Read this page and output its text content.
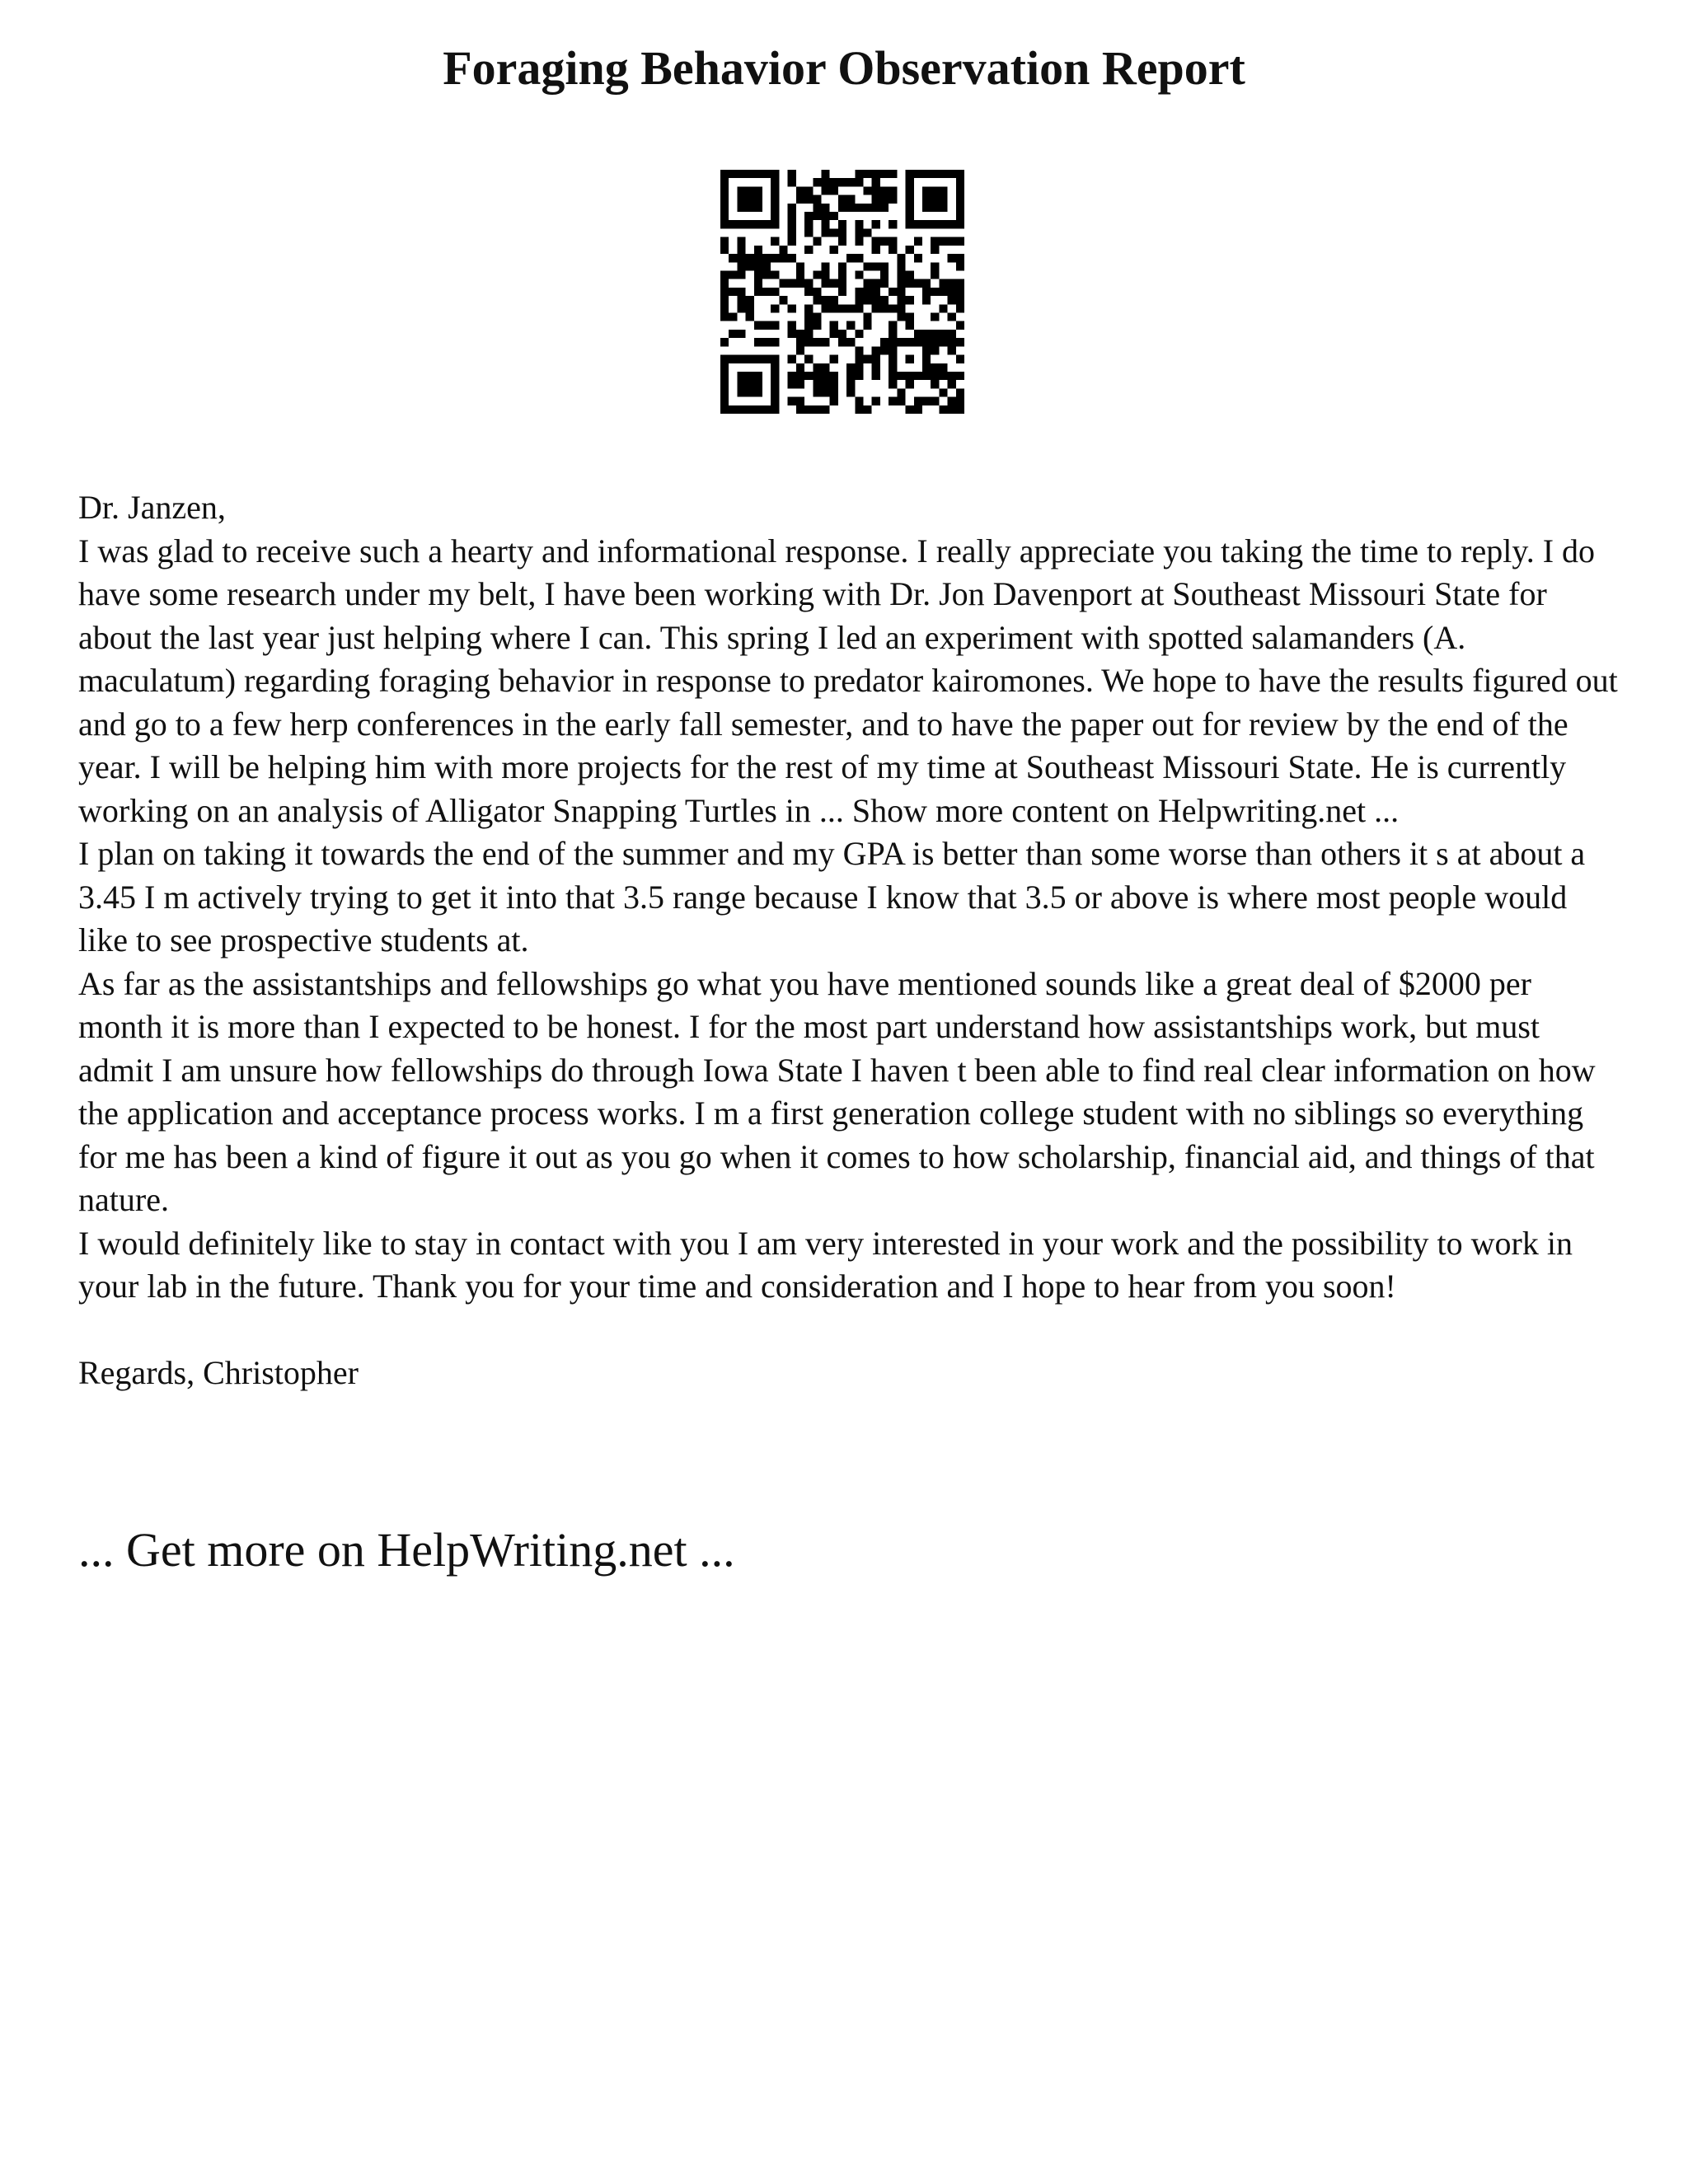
Foraging Behavior Observation Report

Dr. Janzen,

I was glad to receive such a hearty and informational response. I really appreciate you taking the time to reply. I do have some research under my belt, I have been working with Dr. Jon Davenport at Southeast Missouri State for about the last year just helping where I can. This spring I led an experiment with spotted salamanders (A. maculatum) regarding foraging behavior in response to predator kairomones. We hope to have the results figured out and go to a few herp conferences in the early fall semester, and to have the paper out for review by the end of the year. I will be helping him with more projects for the rest of my time at Southeast Missouri State. He is currently working on an analysis of Alligator Snapping Turtles in ... Show more content on Helpwriting.net ...

I plan on taking it towards the end of the summer and my GPA is better than some worse than others it s at about a 3.45 I m actively trying to get it into that 3.5 range because I know that 3.5 or above is where most people would like to see prospective students at.

As far as the assistantships and fellowships go what you have mentioned sounds like a great deal of $2000 per month it is more than I expected to be honest. I for the most part understand how assistantships work, but must admit I am unsure how fellowships do through Iowa State I haven t been able to find real clear information on how the application and acceptance process works. I m a first generation college student with no siblings so everything for me has been a kind of figure it out as you go when it comes to how scholarship, financial aid, and things of that nature.

I would definitely like to stay in contact with you I am very interested in your work and the possibility to work in your lab in the future. Thank you for your time and consideration and I hope to hear from you soon!

Regards, Christopher

... Get more on HelpWriting.net ...
